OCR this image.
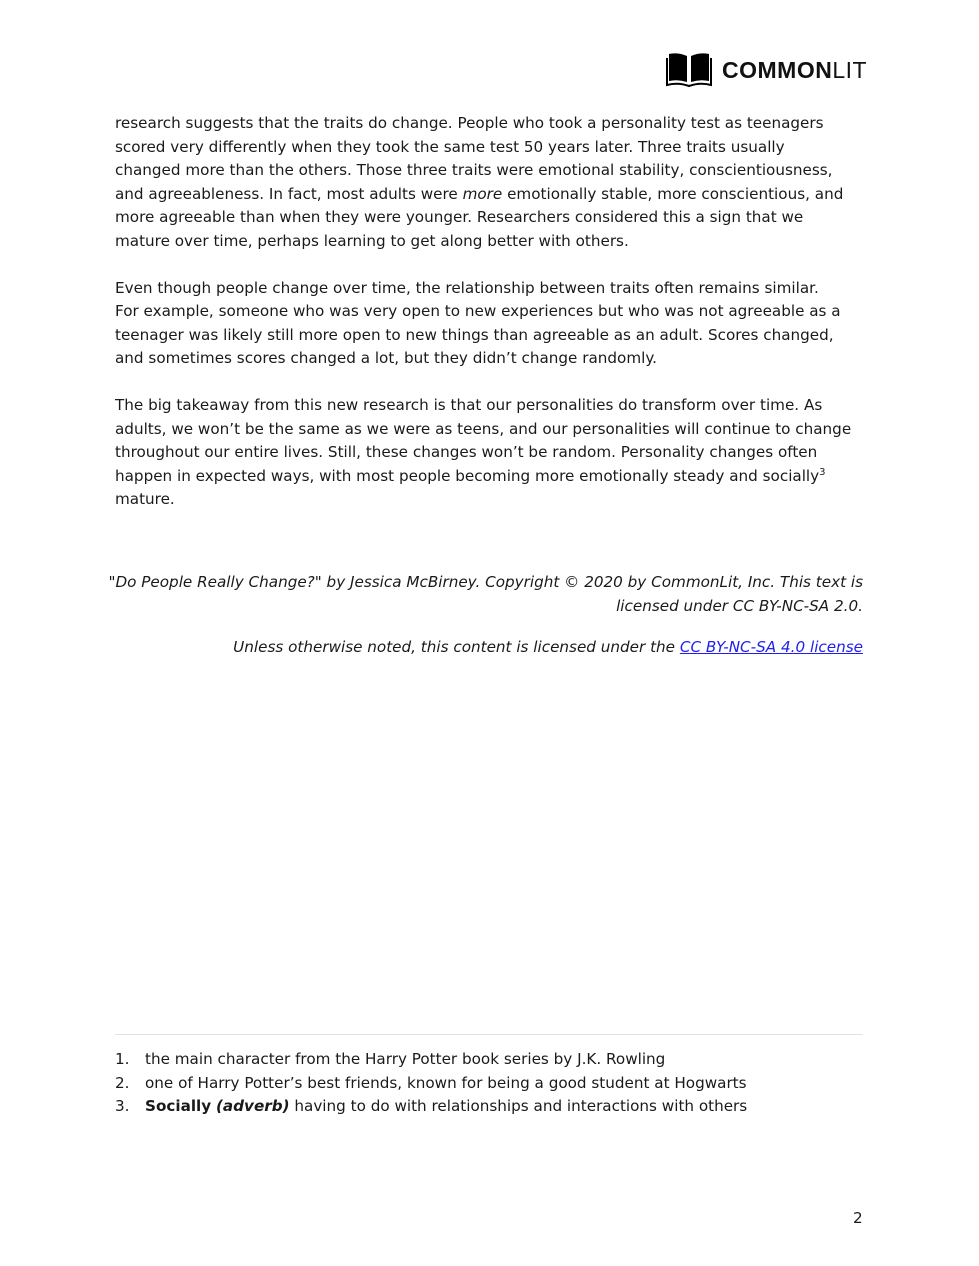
COMMONLIT
research suggests that the traits do change. People who took a personality test as teenagers
scored very differently when they took the same test 50 years later. Three traits usually
changed more than the others. Those three traits were emotional stability, conscientiousness,
and agreeableness. In fact, most adults were more emotionally stable, more conscientious, and
more agreeable than when they were younger. Researchers considered this a sign that we
mature over time, perhaps learning to get along better with others.
Even though people change over time, the relationship between traits often remains similar.
For example, someone who was very open to new experiences but who was not agreeable as a
teenager was likely still more open to new things than agreeable as an adult. Scores changed,
and sometimes scores changed a lot, but they didn’t change randomly.
The big takeaway from this new research is that our personalities do transform over time. As
adults, we won’t be the same as we were as teens, and our personalities will continue to change
throughout our entire lives. Still, these changes won’t be random. Personality changes often
happen in expected ways, with most people becoming more emotionally steady and socially$^3$
mature.
"Do People Really Change?" by Jessica McBirney. Copyright © 2020 by CommonLit, Inc. This text is
licensed under CC BY-NC-SA 2.0.
Unless otherwise noted, this content is licensed under the CC BY-NC-SA 4.0 license
1. the main character from the Harry Potter book series by J.K. Rowling
2. one of Harry Potter’s best friends, known for being a good student at Hogwarts
3. Socially (adverb) having to do with relationships and interactions with others
2
